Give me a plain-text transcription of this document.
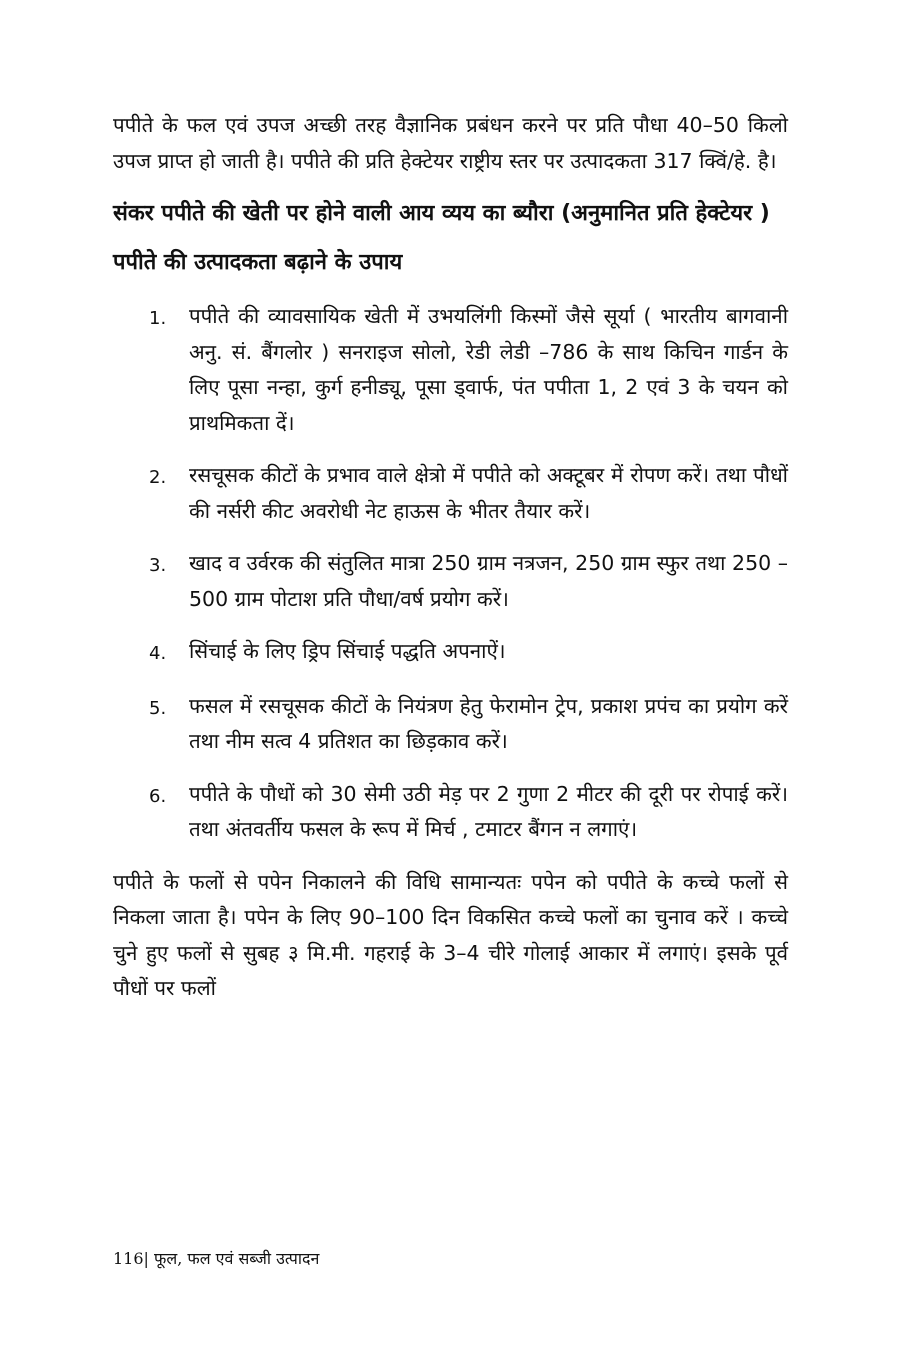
पपीते के फल एवं उपज अच्छी तरह वैज्ञानिक प्रबंधन करने पर प्रति पौधा 40–50 किलो उपज प्राप्त हो जाती है। पपीते की प्रति हेक्टेयर राष्ट्रीय स्तर पर उत्पादकता 317 क्विं/हे. है।

संकर पपीते की खेती पर होने वाली आय व्यय का ब्यौरा (अनुमानित प्रति हेक्टेयर )

पपीते की उत्पादकता बढ़ाने के उपाय

1.	पपीते की व्यावसायिक खेती में उभयलिंगी किस्मों जैसे सूर्या ( भारतीय बागवानी अनु. सं. बैंगलोर ) सनराइज सोलो, रेडी लेडी –786 के साथ किचिन गार्डन के लिए पूसा नन्हा, कुर्ग हनीड्यू, पूसा ड्वार्फ, पंत पपीता 1, 2 एवं 3 के चयन को प्राथमिकता दें।
2.	रसचूसक कीटों के प्रभाव वाले क्षेत्रो में पपीते को अक्टूबर में रोपण करें। तथा पौधों की नर्सरी कीट अवरोधी नेट हाऊस के भीतर तैयार करें।
3.	खाद व उर्वरक की संतुलित मात्रा 250 ग्राम नत्रजन, 250 ग्राम स्फुर तथा 250 –500 ग्राम पोटाश प्रति पौधा/वर्ष प्रयोग करें।
4.	सिंचाई के लिए ड्रिप सिंचाई पद्धति अपनाऐं।
5.	फसल में रसचूसक कीटों के नियंत्रण हेतु फेरामोन ट्रेप, प्रकाश प्रपंच का प्रयोग करें तथा नीम सत्व 4 प्रतिशत का छिड़काव करें।
6.	पपीते के पौधों को 30 सेमी उठी मेड़ पर 2 गुणा 2 मीटर की दूरी पर रोपाई करें। तथा अंतवर्तीय फसल के रूप में मिर्च , टमाटर बैंगन न लगाएं।

पपीते के फलों से पपेन निकालने की विधि सामान्यतः पपेन को पपीते के कच्चे फलों से निकला जाता है। पपेन के लिए 90–100 दिन विकसित कच्चे फलों का चुनाव करें । कच्चे चुने हुए फलों से सुबह ३ मि.मी. गहराई के 3–4 चीरे गोलाई आकार में लगाएं। इसके पूर्व पौधों पर फलों

116| फूल, फल एवं सब्जी उत्पादन
